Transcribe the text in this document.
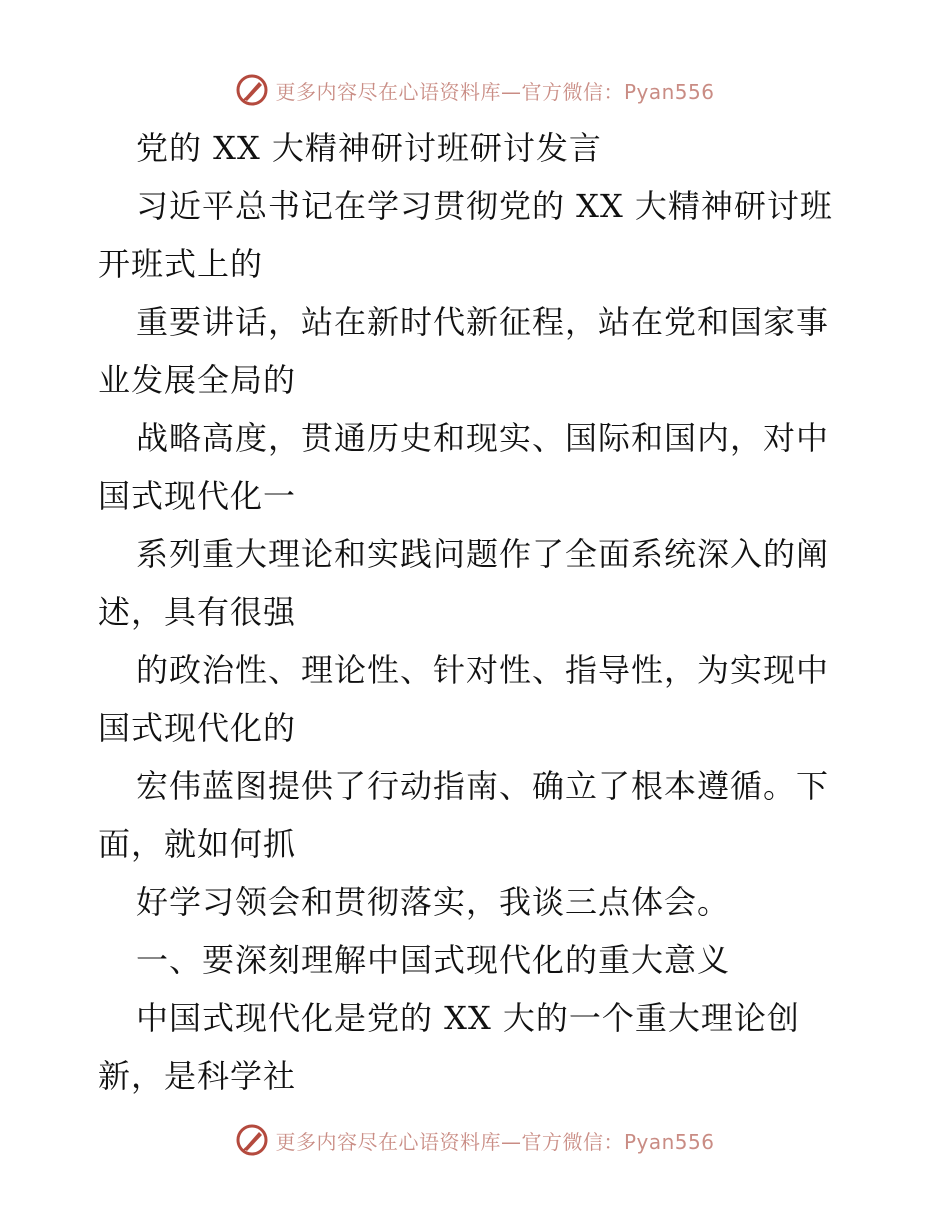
更多内容尽在心语资料库—官方微信：Pyan556
党的 XX 大精神研讨班研讨发言
习近平总书记在学习贯彻党的 XX 大精神研讨班
开班式上的
重要讲话，站在新时代新征程，站在党和国家事
业发展全局的
战略高度，贯通历史和现实、国际和国内，对中
国式现代化一
系列重大理论和实践问题作了全面系统深入的阐
述，具有很强
的政治性、理论性、针对性、指导性，为实现中
国式现代化的
宏伟蓝图提供了行动指南、确立了根本遵循。下
面，就如何抓
好学习领会和贯彻落实，我谈三点体会。
一、要深刻理解中国式现代化的重大意义
中国式现代化是党的 XX 大的一个重大理论创
新，是科学社
更多内容尽在心语资料库—官方微信：Pyan556
